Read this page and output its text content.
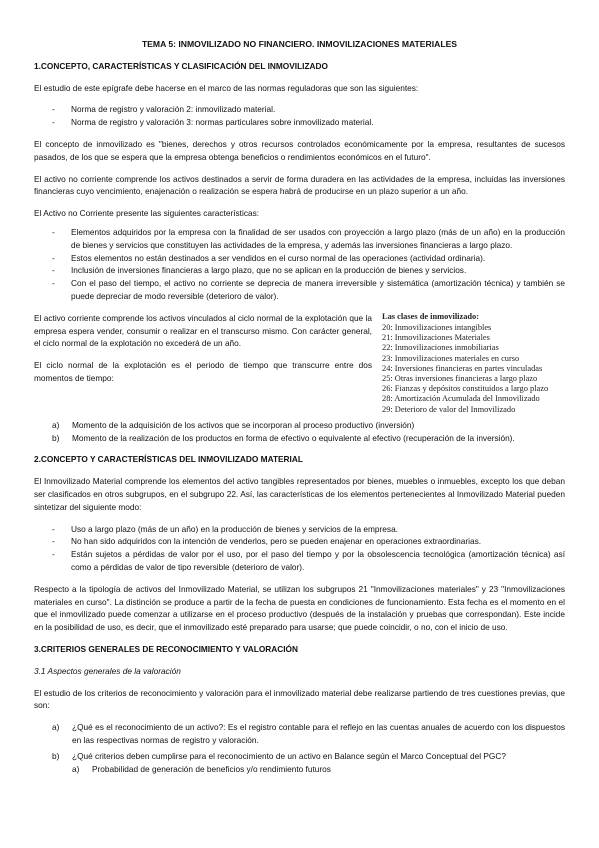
TEMA 5: INMOVILIZADO NO FINANCIERO. INMOVILIZACIONES MATERIALES

1.CONCEPTO, CARACTERÍSTICAS Y CLASIFICACIÓN DEL INMOVILIZADO

El estudio de este epígrafe debe hacerse en el marco de las normas reguladoras que son las siguientes:

- Norma de registro y valoración 2: inmovilizado material.
- Norma de registro y valoración 3: normas particulares sobre inmovilizado material.

El concepto de inmovilizado es "bienes, derechos y otros recursos controlados económicamente por la empresa, resultantes de sucesos pasados, de los que se espera que la empresa obtenga beneficios o rendimientos económicos en el futuro".

El activo no corriente comprende los activos destinados a servir de forma duradera en las actividades de la empresa, incluidas las inversiones financieras cuyo vencimiento, enajenación o realización se espera habrá de producirse en un plazo superior a un año.

El Activo no Corriente presente las siguientes características:

- Elementos adquiridos por la empresa con la finalidad de ser usados con proyección a largo plazo (más de un año) en la producción de bienes y servicios que constituyen las actividades de la empresa, y además las inversiones financieras a largo plazo.
- Estos elementos no están destinados a ser vendidos en el curso normal de las operaciones (actividad ordinaria).
- Inclusión de inversiones financieras a largo plazo, que no se aplican en la producción de bienes y servicios.
- Con el paso del tiempo, el activo no corriente se deprecia de manera irreversible y sistemática (amortización técnica) y también se puede depreciar de modo reversible (deterioro de valor).
Las clases de inmovilizado:
20: Inmovilizaciones intangibles
21: Inmovilizaciones Materiales
22: Inmovilizaciones inmobiliarias
23: Inmovilizaciones materiales en curso
24: Inversiones financieras en partes vinculadas
25: Otras inversiones financieras a largo plazo
26: Fianzas y depósitos constituidos a largo plazo
28: Amortización Acumulada del Inmovilizado
29: Deterioro de valor del Inmovilizado

El activo corriente comprende los activos vinculados al ciclo normal de la explotación que la empresa espera vender, consumir o realizar en el transcurso mismo. Con carácter general, el ciclo normal de la explotación no excederá de un año.

El ciclo normal de la explotación es el periodo de tiempo que transcurre entre dos momentos de tiempo:

a) Momento de la adquisición de los activos que se incorporan al proceso productivo (inversión)
b) Momento de la realización de los productos en forma de efectivo o equivalente al efectivo (recuperación de la inversión).

2.CONCEPTO Y CARACTERÍSTICAS DEL INMOVILIZADO MATERIAL

El Inmovilizado Material comprende los elementos del activo tangibles representados por bienes, muebles o inmuebles, excepto los que deban ser clasificados en otros subgrupos, en el subgrupo 22. Así, las características de los elementos pertenecientes al Inmovilizado Material pueden sintetizar del siguiente modo:

- Uso a largo plazo (más de un año) en la producción de bienes y servicios de la empresa.
- No han sido adquiridos con la intención de venderlos, pero se pueden enajenar en operaciones extraordinarias.
- Están sujetos a pérdidas de valor por el uso, por el paso del tiempo y por la obsolescencia tecnológica (amortización técnica) así como a pérdidas de valor de tipo reversible (deterioro de valor).

Respecto a la tipología de activos del Inmovilizado Material, se utilizan los subgrupos 21 "Inmovilizaciones materiales" y 23 "Inmovilizaciones materiales en curso". La distinción se produce a partir de la fecha de puesta en condiciones de funcionamiento. Esta fecha es el momento en el que el inmovilizado puede comenzar a utilizarse en el proceso productivo (después de la instalación y pruebas que correspondan). Este incide en la posibilidad de uso, es decir, que el inmovilizado esté preparado para usarse; que puede coincidir, o no, con el inicio de uso.

3.CRITERIOS GENERALES DE RECONOCIMIENTO Y VALORACIÓN

3.1 Aspectos generales de la valoración

El estudio de los criterios de reconocimiento y valoración para el inmovilizado material debe realizarse partiendo de tres cuestiones previas, que son:

a) ¿Qué es el reconocimiento de un activo?: Es el registro contable para el reflejo en las cuentas anuales de acuerdo con los dispuestos en las respectivas normas de registro y valoración.
b) ¿Qué criterios deben cumplirse para el reconocimiento de un activo en Balance según el Marco Conceptual del PGC?
a) Probabilidad de generación de beneficios y/o rendimiento futuros
